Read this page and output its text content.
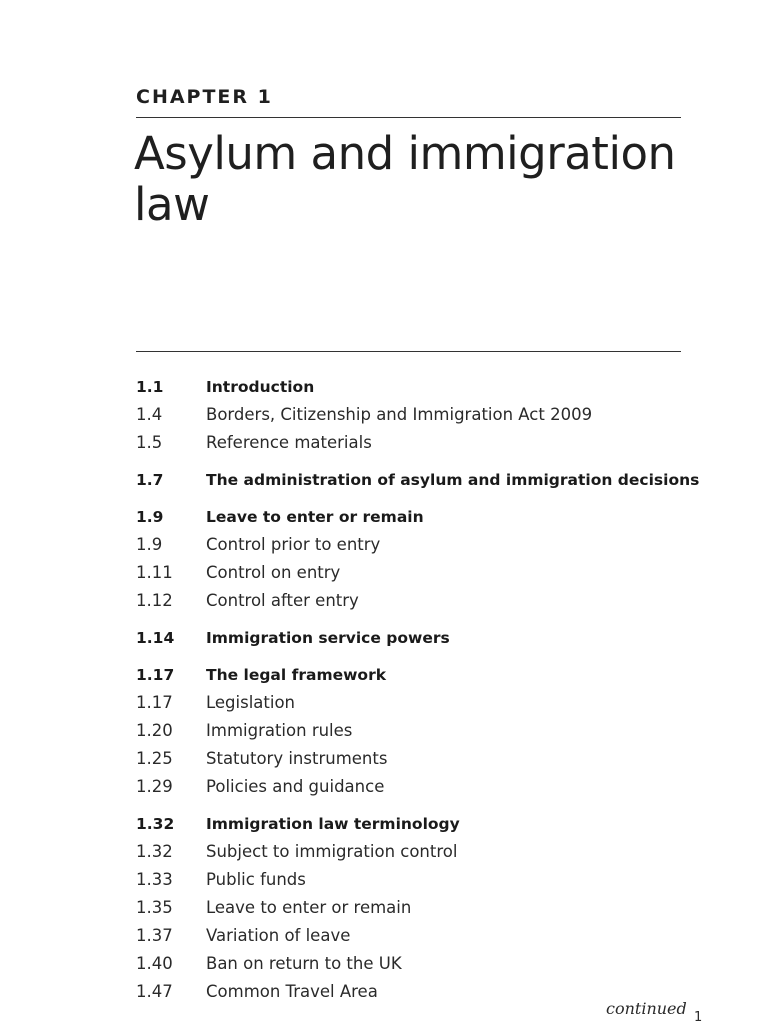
CHAPTER 1
Asylum and immigration law
1.1	Introduction
1.4	Borders, Citizenship and Immigration Act 2009
1.5	Reference materials
1.7	The administration of asylum and immigration decisions
1.9	Leave to enter or remain
1.9	Control prior to entry
1.11	Control on entry
1.12	Control after entry
1.14	Immigration service powers
1.17	The legal framework
1.17	Legislation
1.20	Immigration rules
1.25	Statutory instruments
1.29	Policies and guidance
1.32	Immigration law terminology
1.32	Subject to immigration control
1.33	Public funds
1.35	Leave to enter or remain
1.37	Variation of leave
1.40	Ban on return to the UK
1.47	Common Travel Area
continued 1
